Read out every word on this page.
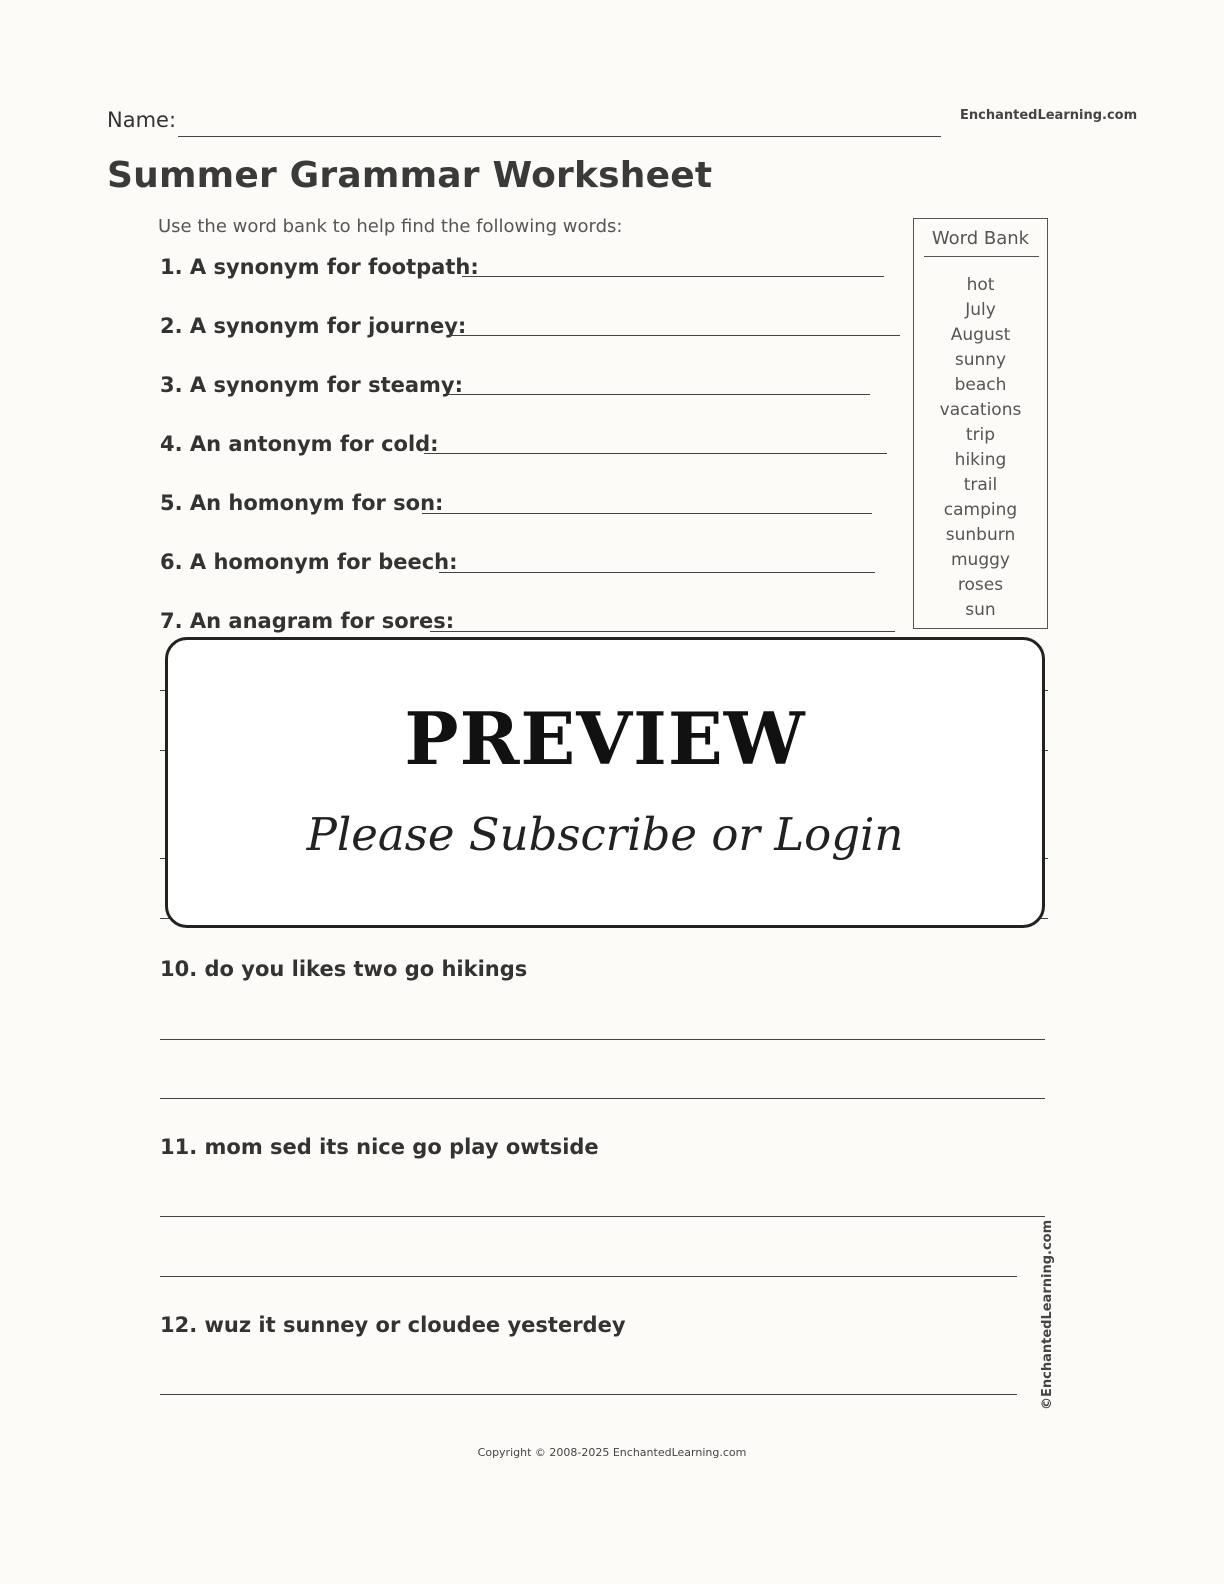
Name:	EnchantedLearning.com
Summer Grammar Worksheet
Use the word bank to help find the following words:
1. A synonym for footpath:
2. A synonym for journey:
3. A synonym for steamy:
4. An antonym for cold:
5. An homonym for son:
6. A homonym for beech:
7. An anagram for sores:
Word Bank
hot
July
August
sunny
beach
vacations
trip
hiking
trail
camping
sunburn
muggy
roses
sun
PREVIEW
Please Subscribe or Login
10. do you likes two go hikings
11. mom sed its nice go play owtside
12. wuz it sunney or cloudee yesterdey	©EnchantedLearning.com
Copyright © 2008-2025 EnchantedLearning.com
